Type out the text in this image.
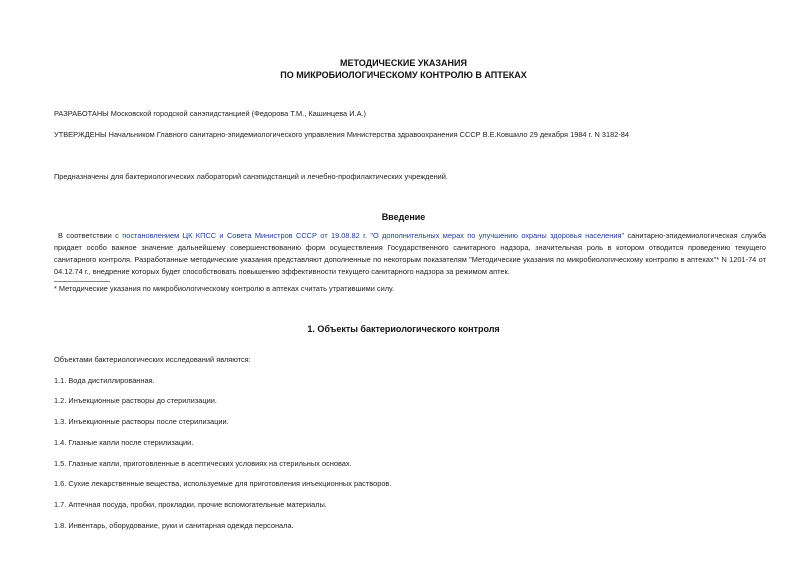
МЕТОДИЧЕСКИЕ УКАЗАНИЯ
ПО МИКРОБИОЛОГИЧЕСКОМУ КОНТРОЛЮ В АПТЕКАХ
РАЗРАБОТАНЫ Московской городской санэпидстанцией (Федорова Т.М., Кашинцева И.А.)
УТВЕРЖДЕНЫ Начальником Главного санитарно-эпидемиологического управления Министерства здравоохранения СССР В.Е.Ковшило 29 декабря 1984 г. N 3182-84
Предназначены для бактериологических лабораторий санэпидстанций и лечебно-профилактических учреждений.
Введение
В соответствии с постановлением ЦК КПСС и Совета Министров СССР от 19.08.82 г. "О дополнительных мерах по улучшению охраны здоровья населения" санитарно-эпидемиологическая служба придает особо важное значение дальнейшему совершенствованию форм осуществления Государственного санитарного надзора, значительная роль в котором отводится проведению текущего санитарного контроля. Разработанные методические указания представляют дополненные по некоторым показателям "Методические указания по микробиологическому контролю в аптеках"* N 1201-74 от 04.12.74 г., внедрение которых будет способствовать повышению эффективности текущего санитарного надзора за режимом аптек.
* Методические указания по микробиологическому контролю в аптеках считать утратившими силу.
1. Объекты бактериологического контроля
Объектами бактериологических исследований являются:
1.1. Вода дистиллированная.
1.2. Инъекционные растворы до стерилизации.
1.3. Инъекционные растворы после стерилизации.
1.4. Глазные капли после стерилизации.
1.5. Глазные капли, приготовленные в асептических условиях на стерильных основах.
1.6. Сухие лекарственные вещества, используемые для приготовления инъекционных растворов.
1.7. Аптечная посуда, пробки, прокладки, прочие вспомогательные материалы.
1.8. Инвентарь, оборудование, руки и санитарная одежда персонала.
